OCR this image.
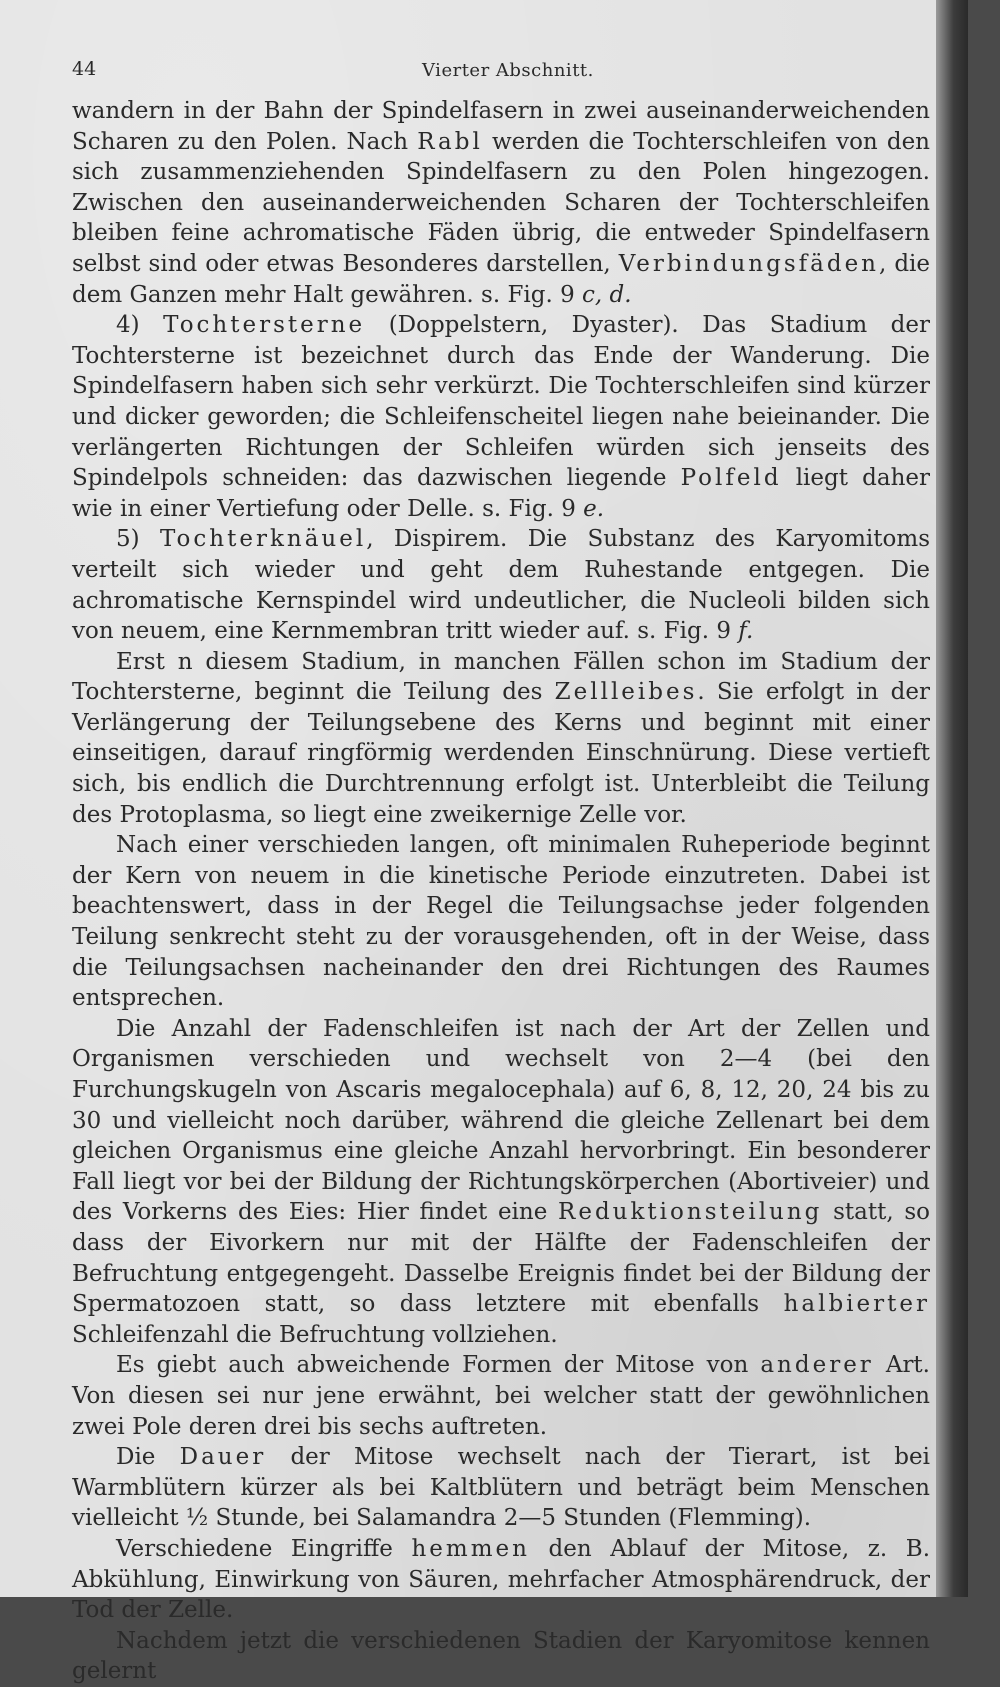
44	Vierter Abschnitt.

wandern in der Bahn der Spindelfasern in zwei auseinanderweichenden Scharen zu den Polen. Nach Rabl werden die Tochterschleifen von den sich zusammenziehenden Spindelfasern zu den Polen hingezogen. Zwischen den auseinanderweichenden Scharen der Tochterschleifen bleiben feine achromatische Fäden übrig, die entweder Spindelfasern selbst sind oder etwas Besonderes darstellen, Verbindungsfäden, die dem Ganzen mehr Halt gewähren. s. Fig. 9 c, d.

4) Tochtersterne (Doppelstern, Dyaster). Das Stadium der Tochtersterne ist bezeichnet durch das Ende der Wanderung. Die Spindelfasern haben sich sehr verkürzt. Die Tochterschleifen sind kürzer und dicker geworden; die Schleifenscheitel liegen nahe beieinander. Die verlängerten Richtungen der Schleifen würden sich jenseits des Spindelpols schneiden: das dazwischen liegende Polfeld liegt daher wie in einer Vertiefung oder Delle. s. Fig. 9 e.

5) Tochterknäuel, Dispirem. Die Substanz des Karyomitoms verteilt sich wieder und geht dem Ruhestande entgegen. Die achromatische Kernspindel wird undeutlicher, die Nucleoli bilden sich von neuem, eine Kernmembran tritt wieder auf. s. Fig. 9 f.

Erst n diesem Stadium, in manchen Fällen schon im Stadium der Tochtersterne, beginnt die Teilung des Zellleibes. Sie erfolgt in der Verlängerung der Teilungsebene des Kerns und beginnt mit einer einseitigen, darauf ringförmig werdenden Einschnürung. Diese vertieft sich, bis endlich die Durchtrennung erfolgt ist. Unterbleibt die Teilung des Protoplasma, so liegt eine zweikernige Zelle vor.

Nach einer verschieden langen, oft minimalen Ruheperiode beginnt der Kern von neuem in die kinetische Periode einzutreten. Dabei ist beachtenswert, dass in der Regel die Teilungsachse jeder folgenden Teilung senkrecht steht zu der vorausgehenden, oft in der Weise, dass die Teilungsachsen nacheinander den drei Richtungen des Raumes entsprechen.

Die Anzahl der Fadenschleifen ist nach der Art der Zellen und Organismen verschieden und wechselt von 2—4 (bei den Furchungskugeln von Ascaris megalocephala) auf 6, 8, 12, 20, 24 bis zu 30 und vielleicht noch darüber, während die gleiche Zellenart bei dem gleichen Organismus eine gleiche Anzahl hervorbringt. Ein besonderer Fall liegt vor bei der Bildung der Richtungskörperchen (Abortiveier) und des Vorkerns des Eies: Hier findet eine Reduktionsteilung statt, so dass der Eivorkern nur mit der Hälfte der Fadenschleifen der Befruchtung entgegengeht. Dasselbe Ereignis findet bei der Bildung der Spermatozoen statt, so dass letztere mit ebenfalls halbierter Schleifenzahl die Befruchtung vollziehen.

Es giebt auch abweichende Formen der Mitose von anderer Art. Von diesen sei nur jene erwähnt, bei welcher statt der gewöhnlichen zwei Pole deren drei bis sechs auftreten.

Die Dauer der Mitose wechselt nach der Tierart, ist bei Warmblütern kürzer als bei Kaltblütern und beträgt beim Menschen vielleicht ½ Stunde, bei Salamandra 2—5 Stunden (Flemming).

Verschiedene Eingriffe hemmen den Ablauf der Mitose, z. B. Abkühlung, Einwirkung von Säuren, mehrfacher Atmosphärendruck, der Tod der Zelle.

Nachdem jetzt die verschiedenen Stadien der Karyomitose kennen gelernt
